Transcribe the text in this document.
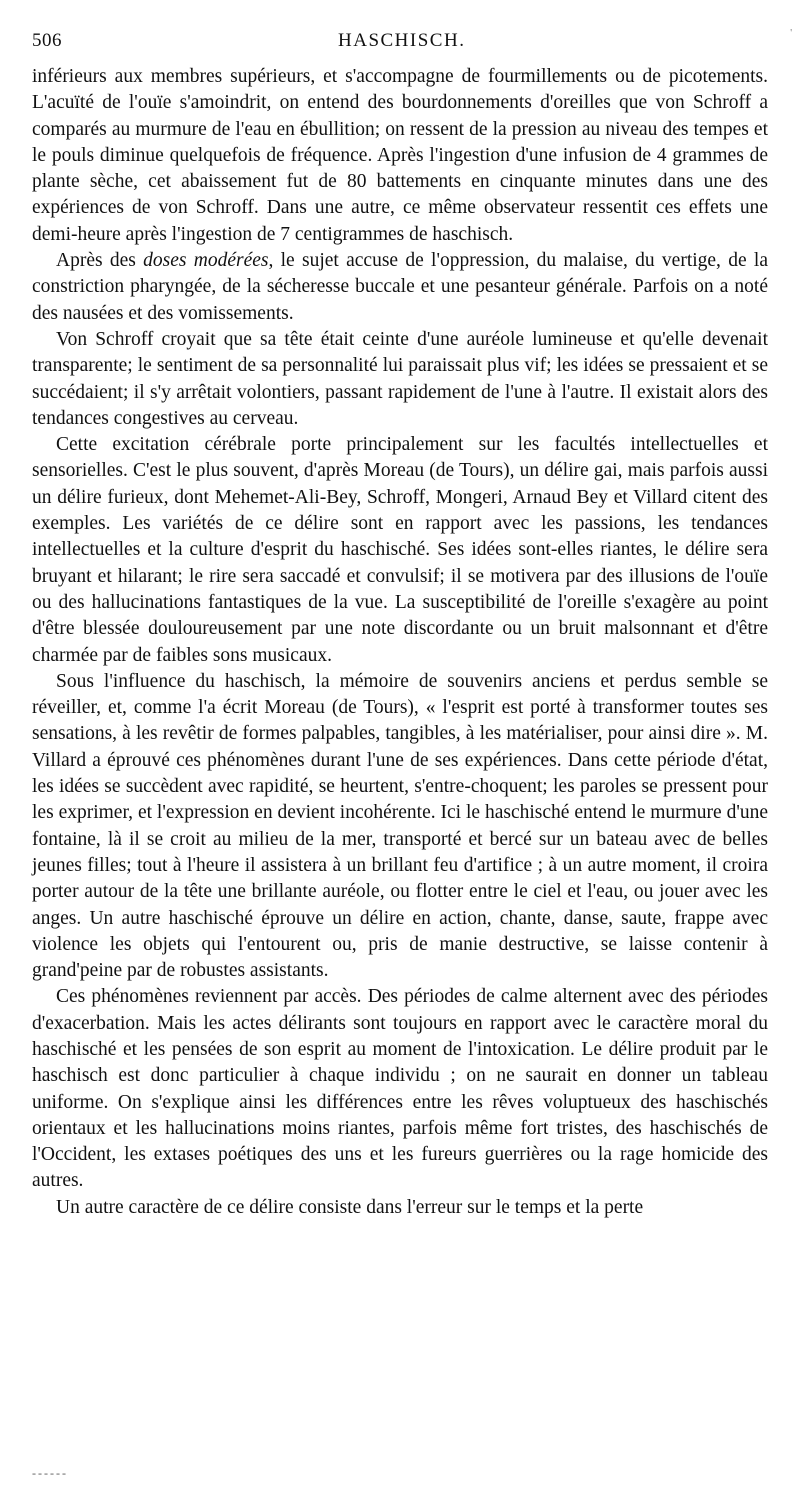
'
506	HASCHISCH.

inférieurs aux membres supérieurs, et s'accompagne de fourmillements ou de picotements. L'acuïté de l'ouïe s'amoindrit, on entend des bourdonnements d'oreilles que von Schroff a comparés au murmure de l'eau en ébullition; on ressent de la pression au niveau des tempes et le pouls diminue quelquefois de fréquence. Après l'ingestion d'une infusion de 4 grammes de plante sèche, cet abaissement fut de 80 battements en cinquante minutes dans une des expériences de von Schroff. Dans une autre, ce même observateur ressentit ces effets une demi-heure après l'ingestion de 7 centigrammes de haschisch.

Après des doses modérées, le sujet accuse de l'oppression, du malaise, du vertige, de la constriction pharyngée, de la sécheresse buccale et une pesanteur générale. Parfois on a noté des nausées et des vomissements.

Von Schroff croyait que sa tête était ceinte d'une auréole lumineuse et qu'elle devenait transparente; le sentiment de sa personnalité lui paraissait plus vif; les idées se pressaient et se succédaient; il s'y arrêtait volontiers, passant rapidement de l'une à l'autre. Il existait alors des tendances congestives au cerveau.

Cette excitation cérébrale porte principalement sur les facultés intellectuelles et sensorielles. C'est le plus souvent, d'après Moreau (de Tours), un délire gai, mais parfois aussi un délire furieux, dont Mehemet-Ali-Bey, Schroff, Mongeri, Arnaud Bey et Villard citent des exemples. Les variétés de ce délire sont en rapport avec les passions, les tendances intellectuelles et la culture d'esprit du haschisché. Ses idées sont-elles riantes, le délire sera bruyant et hilarant; le rire sera saccadé et convulsif; il se motivera par des illusions de l'ouïe ou des hallucinations fantastiques de la vue. La susceptibilité de l'oreille s'exagère au point d'être blessée douloureusement par une note discordante ou un bruit malsonnant et d'être charmée par de faibles sons musicaux.

Sous l'influence du haschisch, la mémoire de souvenirs anciens et perdus semble se réveiller, et, comme l'a écrit Moreau (de Tours), « l'esprit est porté à transformer toutes ses sensations, à les revêtir de formes palpables, tangibles, à les matérialiser, pour ainsi dire ». M. Villard a éprouvé ces phénomènes durant l'une de ses expériences. Dans cette période d'état, les idées se succèdent avec rapidité, se heurtent, s'entre-choquent; les paroles se pressent pour les exprimer, et l'expression en devient incohérente. Ici le haschisché entend le murmure d'une fontaine, là il se croit au milieu de la mer, transporté et bercé sur un bateau avec de belles jeunes filles; tout à l'heure il assistera à un brillant feu d'artifice ; à un autre moment, il croira porter autour de la tête une brillante auréole, ou flotter entre le ciel et l'eau, ou jouer avec les anges. Un autre haschisché éprouve un délire en action, chante, danse, saute, frappe avec violence les objets qui l'entourent ou, pris de manie destructive, se laisse contenir à grand'peine par de robustes assistants.

Ces phénomènes reviennent par accès. Des périodes de calme alternent avec des périodes d'exacerbation. Mais les actes délirants sont toujours en rapport avec le caractère moral du haschisché et les pensées de son esprit au moment de l'intoxication. Le délire produit par le haschisch est donc particulier à chaque individu ; on ne saurait en donner un tableau uniforme. On s'explique ainsi les différences entre les rêves voluptueux des haschischés orientaux et les hallucinations moins riantes, parfois même fort tristes, des haschischés de l'Occident, les extases poétiques des uns et les fureurs guerrières ou la rage homicide des autres.

Un autre caractère de ce délire consiste dans l'erreur sur le temps et la perte

------
